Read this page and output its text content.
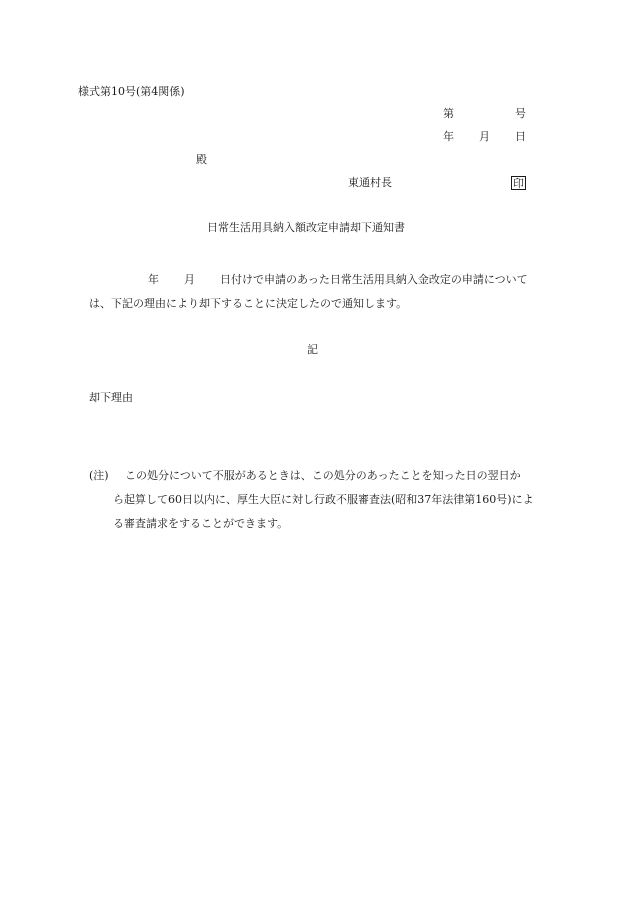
様式第10号(第4関係)
第	号
年 月 日
殿
東通村長	印
日常生活用具納入額改定申請却下通知書
年 月 日付けで申請のあった日常生活用具納入金改定の申請について
は、下記の理由により却下することに決定したので通知します。
記
却下理由
(注) この処分について不服があるときは、この処分のあったことを知った日の翌日か
ら起算して60日以内に、厚生大臣に対し行政不服審査法(昭和37年法律第160号)によ
る審査請求をすることができます。
